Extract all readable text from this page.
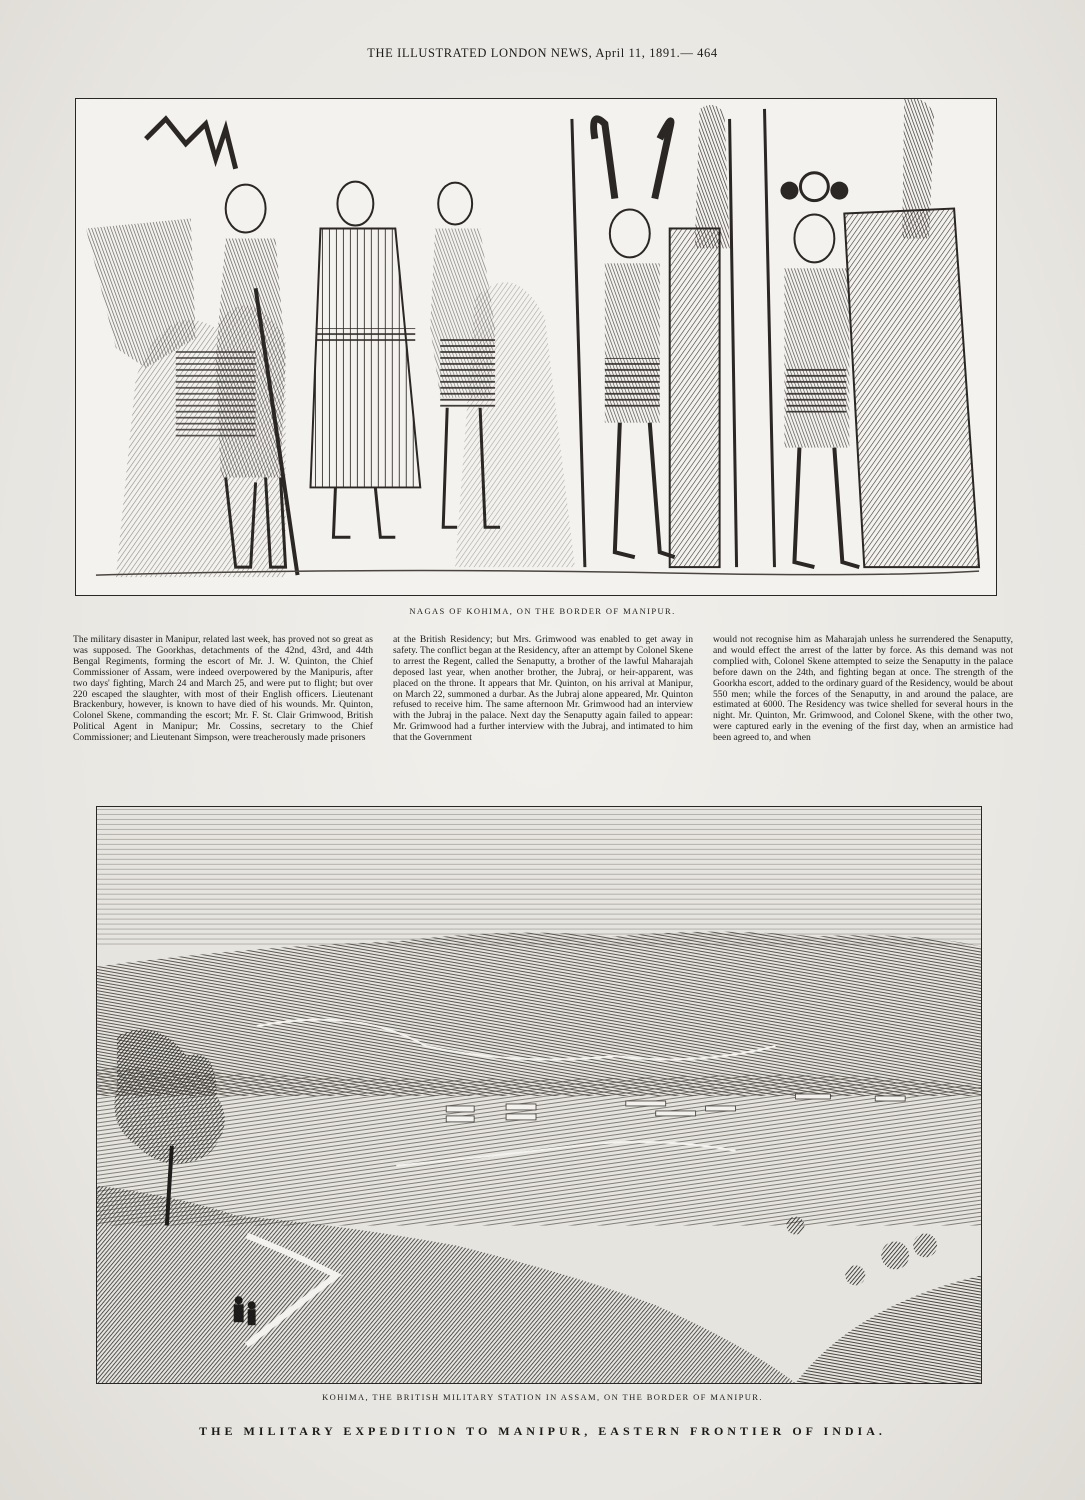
THE ILLUSTRATED LONDON NEWS, April 11, 1891.— 464
NAGAS OF KOHIMA, ON THE BORDER OF MANIPUR.
The military disaster in Manipur, related last week, has proved not so great as was supposed. The Goorkhas, detachments of the 42nd, 43rd, and 44th Bengal Regiments, forming the escort of Mr. J. W. Quinton, the Chief Commissioner of Assam, were indeed overpowered by the Manipuris, after two days' fighting, March 24 and March 25, and were put to flight; but over 220 escaped the slaughter, with most of their English officers. Lieutenant Brackenbury, however, is known to have died of his wounds. Mr. Quinton, Colonel Skene, commanding the escort; Mr. F. St. Clair Grimwood, British Political Agent in Manipur; Mr. Cossins, secretary to the Chief Commissioner; and Lieutenant Simpson, were treacherously made prisoners
at the British Residency; but Mrs. Grimwood was enabled to get away in safety. The conflict began at the Residency, after an attempt by Colonel Skene to arrest the Regent, called the Senaputty, a brother of the lawful Maharajah deposed last year, when another brother, the Jubraj, or heir-apparent, was placed on the throne. It appears that Mr. Quinton, on his arrival at Manipur, on March 22, summoned a durbar. As the Jubraj alone appeared, Mr. Quinton refused to receive him. The same afternoon Mr. Grimwood had an interview with the Jubraj in the palace. Next day the Senaputty again failed to appear: Mr. Grimwood had a further interview with the Jubraj, and intimated to him that the Government
would not recognise him as Maharajah unless he surrendered the Senaputty, and would effect the arrest of the latter by force. As this demand was not complied with, Colonel Skene attempted to seize the Senaputty in the palace before dawn on the 24th, and fighting began at once. The strength of the Goorkha escort, added to the ordinary guard of the Residency, would be about 550 men; while the forces of the Senaputty, in and around the palace, are estimated at 6000. The Residency was twice shelled for several hours in the night. Mr. Quinton, Mr. Grimwood, and Colonel Skene, with the other two, were captured early in the evening of the first day, when an armistice had been agreed to, and when
KOHIMA, THE BRITISH MILITARY STATION IN ASSAM, ON THE BORDER OF MANIPUR.
THE MILITARY EXPEDITION TO MANIPUR, EASTERN FRONTIER OF INDIA.
